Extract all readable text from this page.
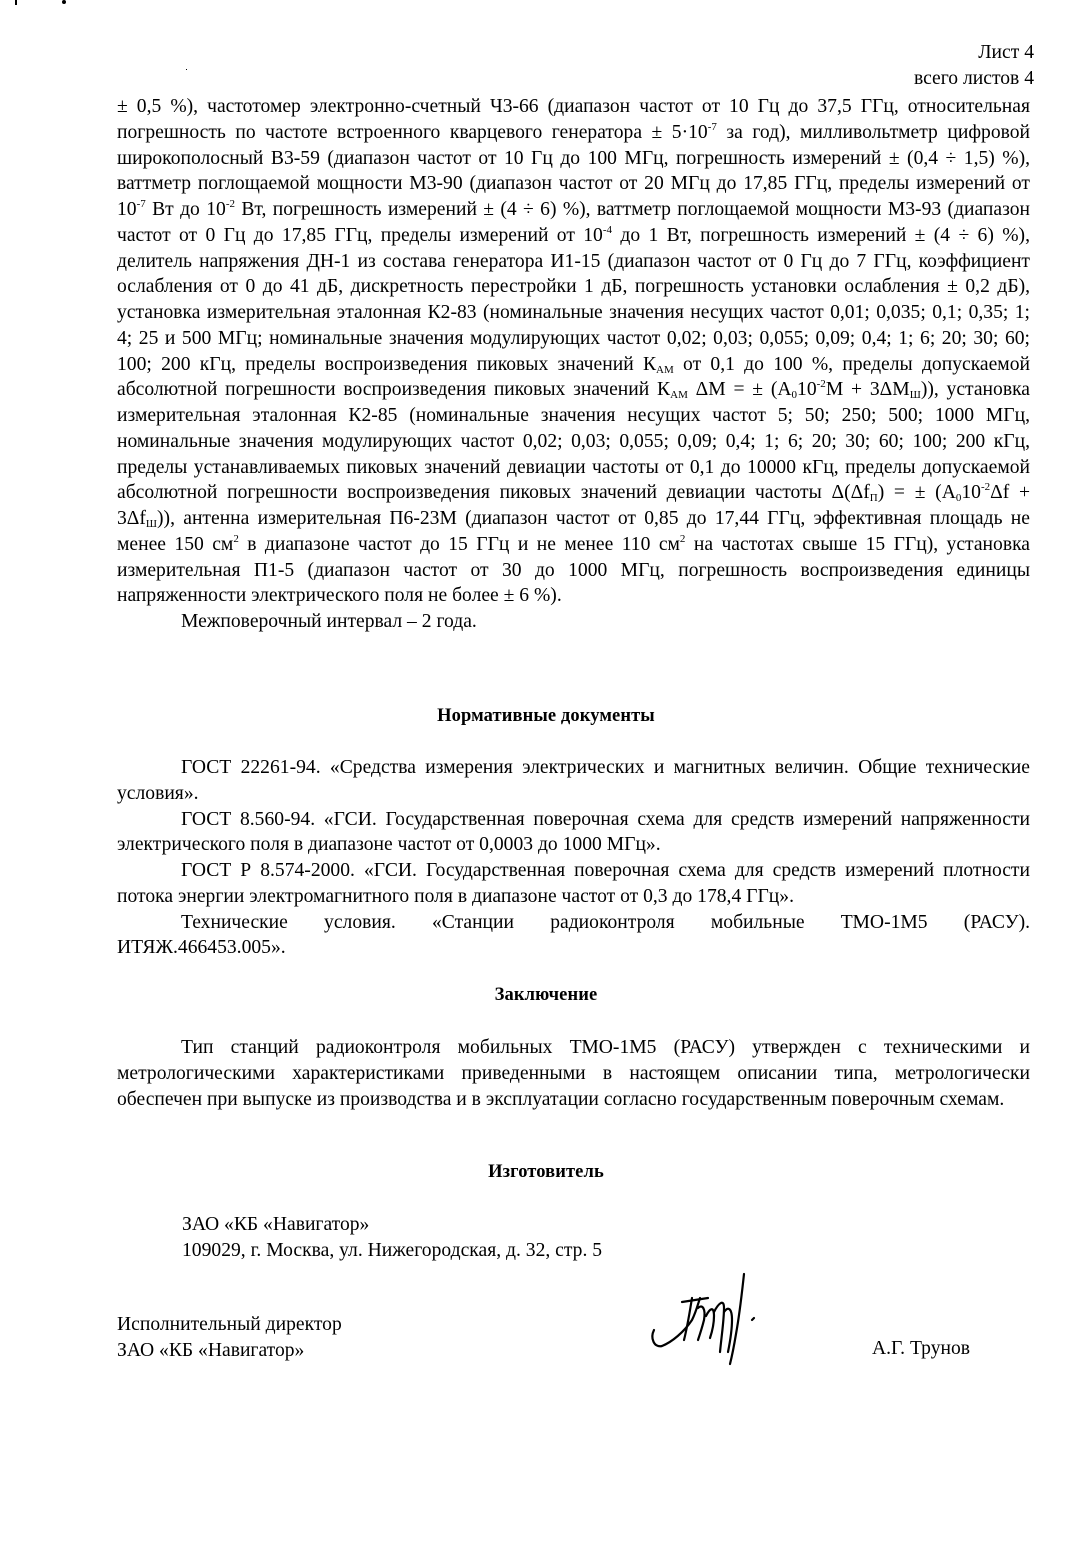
Лист 4
всего листов 4
± 0,5 %), частотомер электронно-счетный Ч3-66 (диапазон частот от 10 Гц до 37,5 ГГц, относительная погрешность по частоте встроенного кварцевого генератора ± $5\cdot 10^{-7}$ за год), милливольтметр цифровой широкополосный В3-59 (диапазон частот от 10 Гц до 100 МГц, погрешность измерений ± (0,4 ÷ 1,5) %), ваттметр поглощаемой мощности М3-90 (диапазон частот от 20 МГц до 17,85 ГГц, пределы измерений от $10^{-7}$ Вт до $10^{-2}$ Вт, погрешность измерений ± (4 ÷ 6) %), ваттметр поглощаемой мощности М3-93 (диапазон частот от 0 Гц до 17,85 ГГц, пределы измерений от $10^{-4}$ до 1 Вт, погрешность измерений ± (4 ÷ 6) %), делитель напряжения ДН-1 из состава генератора И1-15 (диапазон частот от 0 Гц до 7 ГГц, коэффициент ослабления от 0 до 41 дБ, дискретность перестройки 1 дБ, погрешность установки ослабления ± 0,2 дБ), установка измерительная эталонная К2-83 (номинальные значения несущих частот 0,01; 0,035; 0,1; 0,35; 1; 4; 25 и 500 МГц; номинальные значения модулирующих частот 0,02; 0,03; 0,055; 0,09; 0,4; 1; 6; 20; 30; 60; 100; 200 кГц, пределы воспроизведения пиковых значений $К_{АМ}$ от 0,1 до 100 %, пределы допускаемой абсолютной погрешности воспроизведения пиковых значений $К_{АМ}$ ΔМ = ± $(А_010^{-2}М + 3\Delta М_Ш)$), установка измерительная эталонная К2-85 (номинальные значения несущих частот 5; 50; 250; 500; 1000 МГц, номинальные значения модулирующих частот 0,02; 0,03; 0,055; 0,09; 0,4; 1; 6; 20; 30; 60; 100; 200 кГц, пределы устанавливаемых пиковых значений девиации частоты от 0,1 до 10000 кГц, пределы допускаемой абсолютной погрешности воспроизведения пиковых значений девиации частоты $\Delta(\Delta f_П)$ = ± $(А_010^{-2}\Delta f + 3\Delta f_Ш)$), антенна измерительная П6-23М (диапазон частот от 0,85 до 17,44 ГГц, эффективная площадь не менее 150 $см^2$ в диапазоне частот до 15 ГГц и не менее 110 $см^2$ на частотах свыше 15 ГГц), установка измерительная П1-5 (диапазон частот от 30 до 1000 МГц, погрешность воспроизведения единицы напряженности электрического поля не более ± 6 %).
Межповерочный интервал – 2 года.
Нормативные документы
ГОСТ 22261-94. «Средства измерения электрических и магнитных величин. Общие технические условия».
ГОСТ 8.560-94. «ГСИ. Государственная поверочная схема для средств измерений напряженности электрического поля в диапазоне частот от 0,0003 до 1000 МГц».
ГОСТ Р 8.574-2000. «ГСИ. Государственная поверочная схема для средств измерений плотности потока энергии электромагнитного поля в диапазоне частот от 0,3 до 178,4 ГГц».
Технические условия. «Станции радиоконтроля мобильные ТМО-1М5 (РАСУ). ИТЯЖ.466453.005».
Заключение
Тип станций радиоконтроля мобильных ТМО-1М5 (РАСУ) утвержден с техническими и метрологическими характеристиками приведенными в настоящем описании типа, метрологически обеспечен при выпуске из производства и в эксплуатации согласно государственным поверочным схемам.
Изготовитель
ЗАО «КБ «Навигатор»
109029, г. Москва, ул. Нижегородская, д. 32, стр. 5
Исполнительный директор
ЗАО «КБ «Навигатор»	А.Г. Трунов
